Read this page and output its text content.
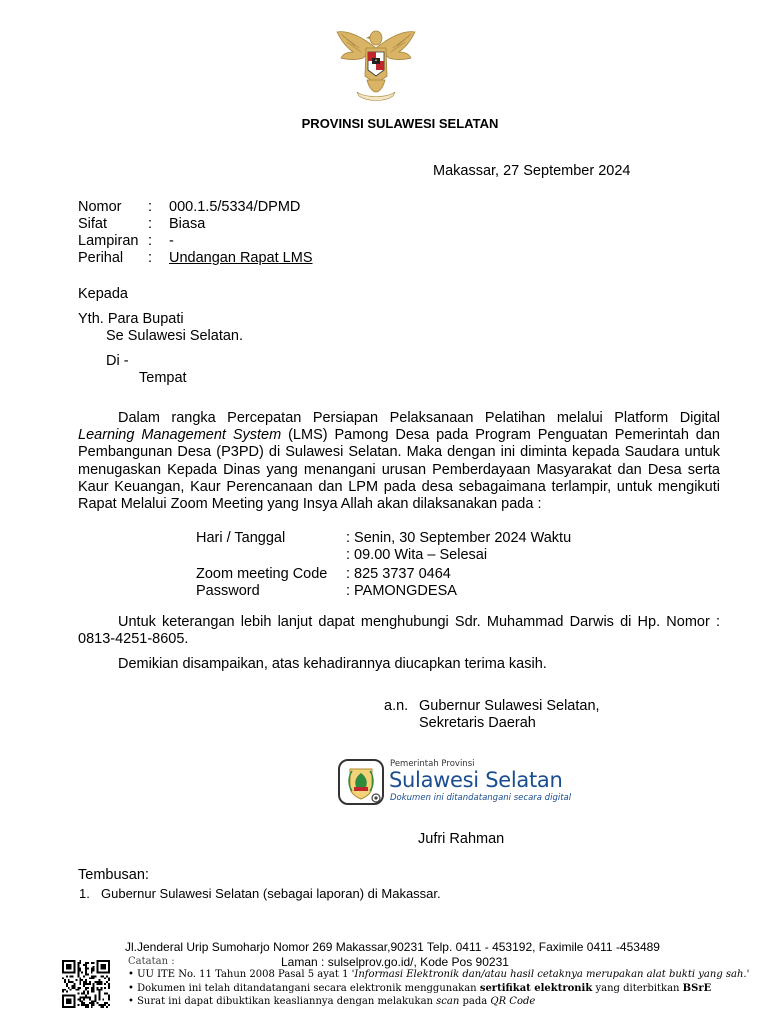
PROVINSI SULAWESI SELATAN
Makassar, 27 September 2024
Nomor : 000.1.5/5334/DPMD
Sifat	: Biasa
Lampiran : -
Perihal : Undangan Rapat LMS
Kepada
Yth. Para Bupati
Se Sulawesi Selatan.
Di -
Tempat
Dalam rangka Percepatan Persiapan Pelaksanaan Pelatihan melalui Platform Digital Learning Management System (LMS) Pamong Desa pada Program Penguatan Pemerintah dan Pembangunan Desa (P3PD) di Sulawesi Selatan. Maka dengan ini diminta kepada Saudara untuk menugaskan Kepada Dinas yang menangani urusan Pemberdayaan Masyarakat dan Desa serta Kaur Keuangan, Kaur Perencanaan dan LPM pada desa sebagaimana terlampir, untuk mengikuti Rapat Melalui Zoom Meeting yang Insya Allah akan dilaksanakan pada :
Hari / Tanggal	: Senin, 30 September 2024 Waktu
: 09.00 Wita – Selesai
Zoom meeting Code : 825 3737 0464
Password	: PAMONGDESA
Untuk keterangan lebih lanjut dapat menghubungi Sdr. Muhammad Darwis di Hp. Nomor : 0813-4251-8605.
Demikian disampaikan, atas kehadirannya diucapkan terima kasih.
a.n. Gubernur Sulawesi Selatan,
Sekretaris Daerah
Pemerintah Provinsi
Sulawesi Selatan
Dokumen ini ditandatangani secara digital
Jufri Rahman
Tembusan:
1. Gubernur Sulawesi Selatan (sebagai laporan) di Makassar.
Jl.Jenderal Urip Sumoharjo Nomor 269 Makassar,90231 Telp. 0411 - 453192, Faximile 0411 -453489
Laman : sulselprov.go.id/, Kode Pos 90231
Catatan :
• UU ITE No. 11 Tahun 2008 Pasal 5 ayat 1 'Informasi Elektronik dan/atau hasil cetaknya merupakan alat bukti yang sah.'
• Dokumen ini telah ditandatangani secara elektronik menggunakan sertifikat elektronik yang diterbitkan BSrE
• Surat ini dapat dibuktikan keasliannya dengan melakukan scan pada QR Code
